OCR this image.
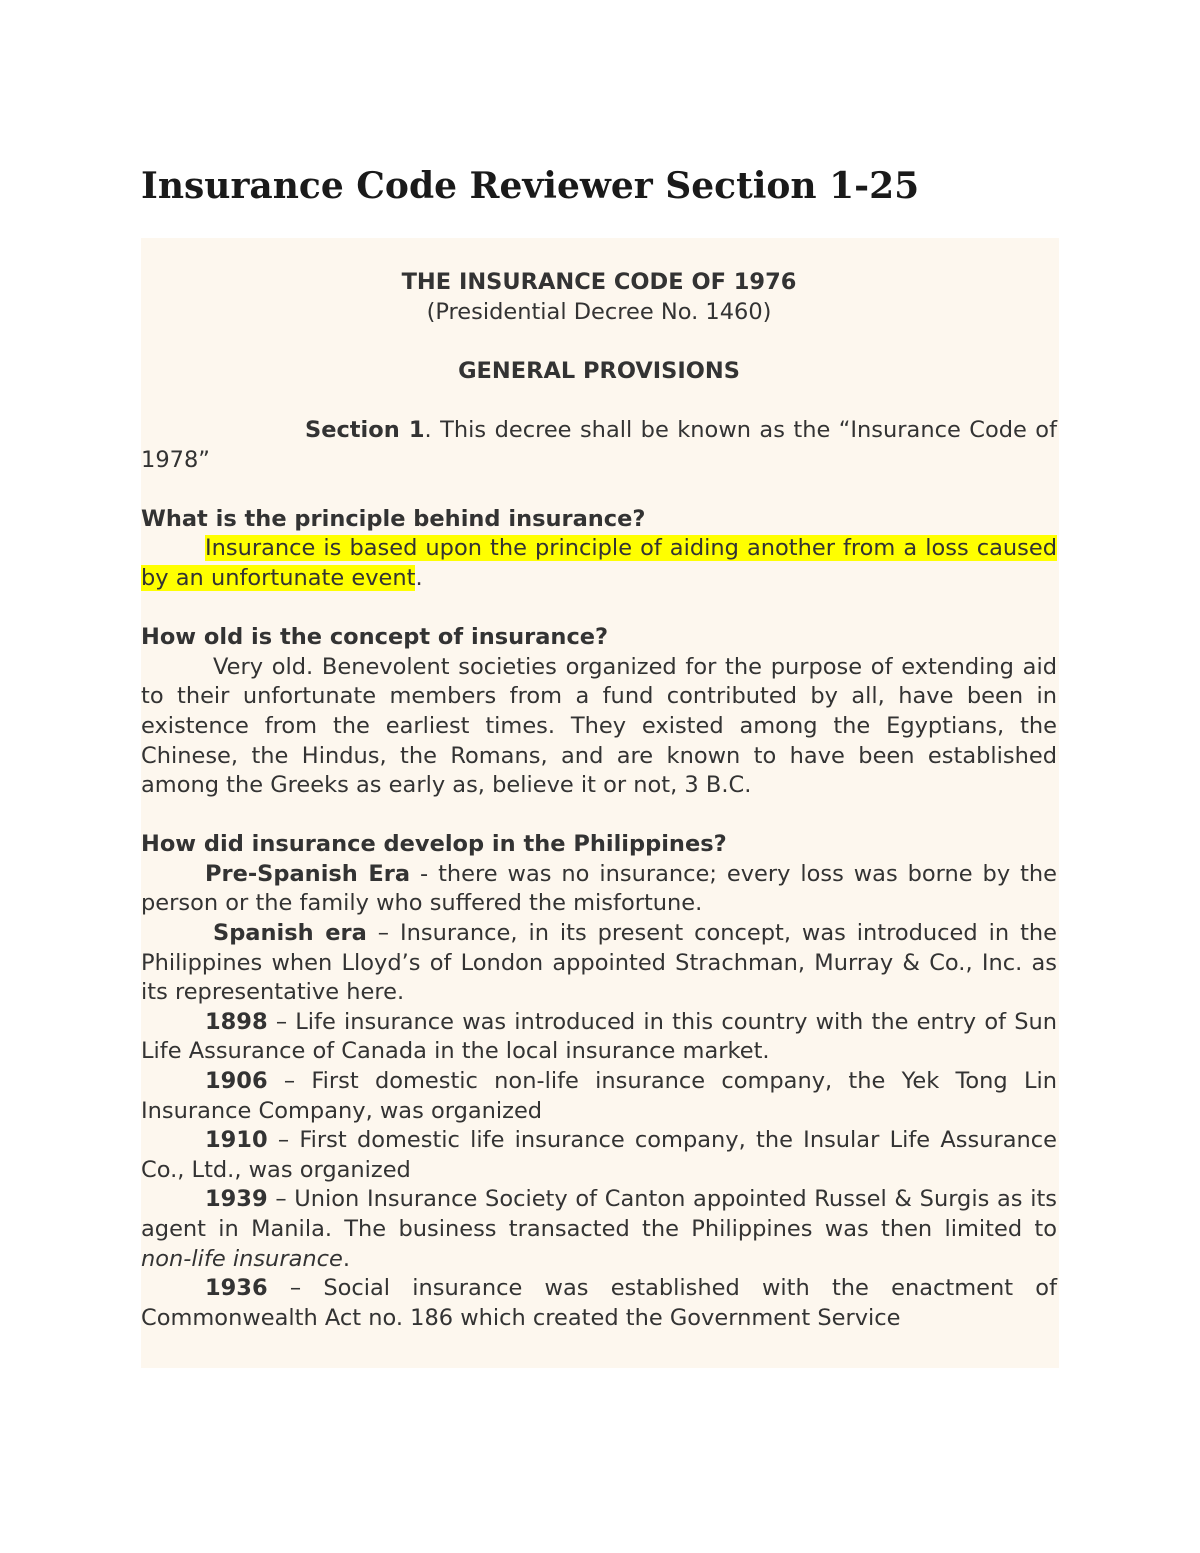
Insurance Code Reviewer Section 1-25

THE INSURANCE CODE OF 1976

(Presidential Decree No. 1460)

GENERAL PROVISIONS

Section 1. This decree shall be known as the “Insurance Code of 1978”

What is the principle behind insurance?

Insurance is based upon the principle of aiding another from a loss caused by an unfortunate event.

How old is the concept of insurance?

Very old. Benevolent societies organized for the purpose of extending aid to their unfortunate members from a fund contributed by all, have been in existence from the earliest times. They existed among the Egyptians, the Chinese, the Hindus, the Romans, and are known to have been established among the Greeks as early as, believe it or not, 3 B.C.

How did insurance develop in the Philippines?

Pre-Spanish Era - there was no insurance; every loss was borne by the person or the family who suffered the misfortune.

Spanish era – Insurance, in its present concept, was introduced in the Philippines when Lloyd’s of London appointed Strachman, Murray & Co., Inc. as its representative here.

1898 – Life insurance was introduced in this country with the entry of Sun Life Assurance of Canada in the local insurance market.

1906 – First domestic non-life insurance company, the Yek Tong Lin Insurance Company, was organized

1910 – First domestic life insurance company, the Insular Life Assurance Co., Ltd., was organized

1939 – Union Insurance Society of Canton appointed Russel & Surgis as its agent in Manila. The business transacted the Philippines was then limited to non-life insurance.

1936 – Social insurance was established with the enactment of Commonwealth Act no. 186 which created the Government Service
